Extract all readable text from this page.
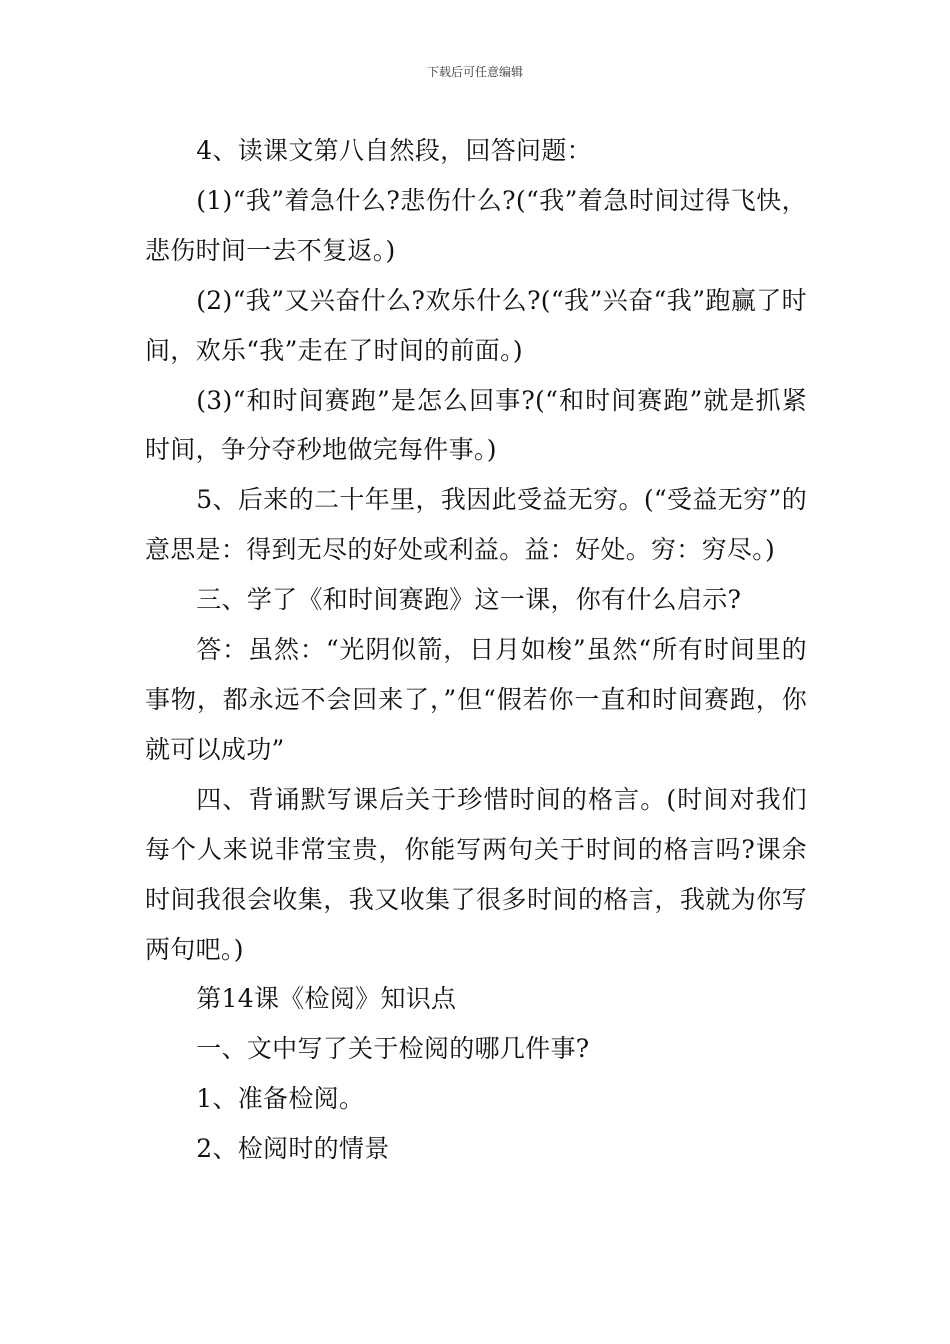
下载后可任意编辑

4、读课文第八自然段，回答问题：

(1)“我”着急什么?悲伤什么?(“我”着急时间过得飞快，悲伤时间一去不复返。)

(2)“我”又兴奋什么?欢乐什么?(“我”兴奋“我”跑赢了时间，欢乐“我”走在了时间的前面。)

(3)“和时间赛跑”是怎么回事?(“和时间赛跑”就是抓紧时间，争分夺秒地做完每件事。)

5、后来的二十年里，我因此受益无穷。(“受益无穷”的意思是：得到无尽的好处或利益。益：好处。穷：穷尽。)

三、学了《和时间赛跑》这一课，你有什么启示?

答：虽然：“光阴似箭，日月如梭”虽然“所有时间里的事物，都永远不会回来了，”但“假若你一直和时间赛跑，你就可以成功”

四、背诵默写课后关于珍惜时间的格言。(时间对我们每个人来说非常宝贵，你能写两句关于时间的格言吗?课余时间我很会收集，我又收集了很多时间的格言，我就为你写两句吧。)

第14课《检阅》知识点

一、文中写了关于检阅的哪几件事?

1、准备检阅。

2、检阅时的情景
